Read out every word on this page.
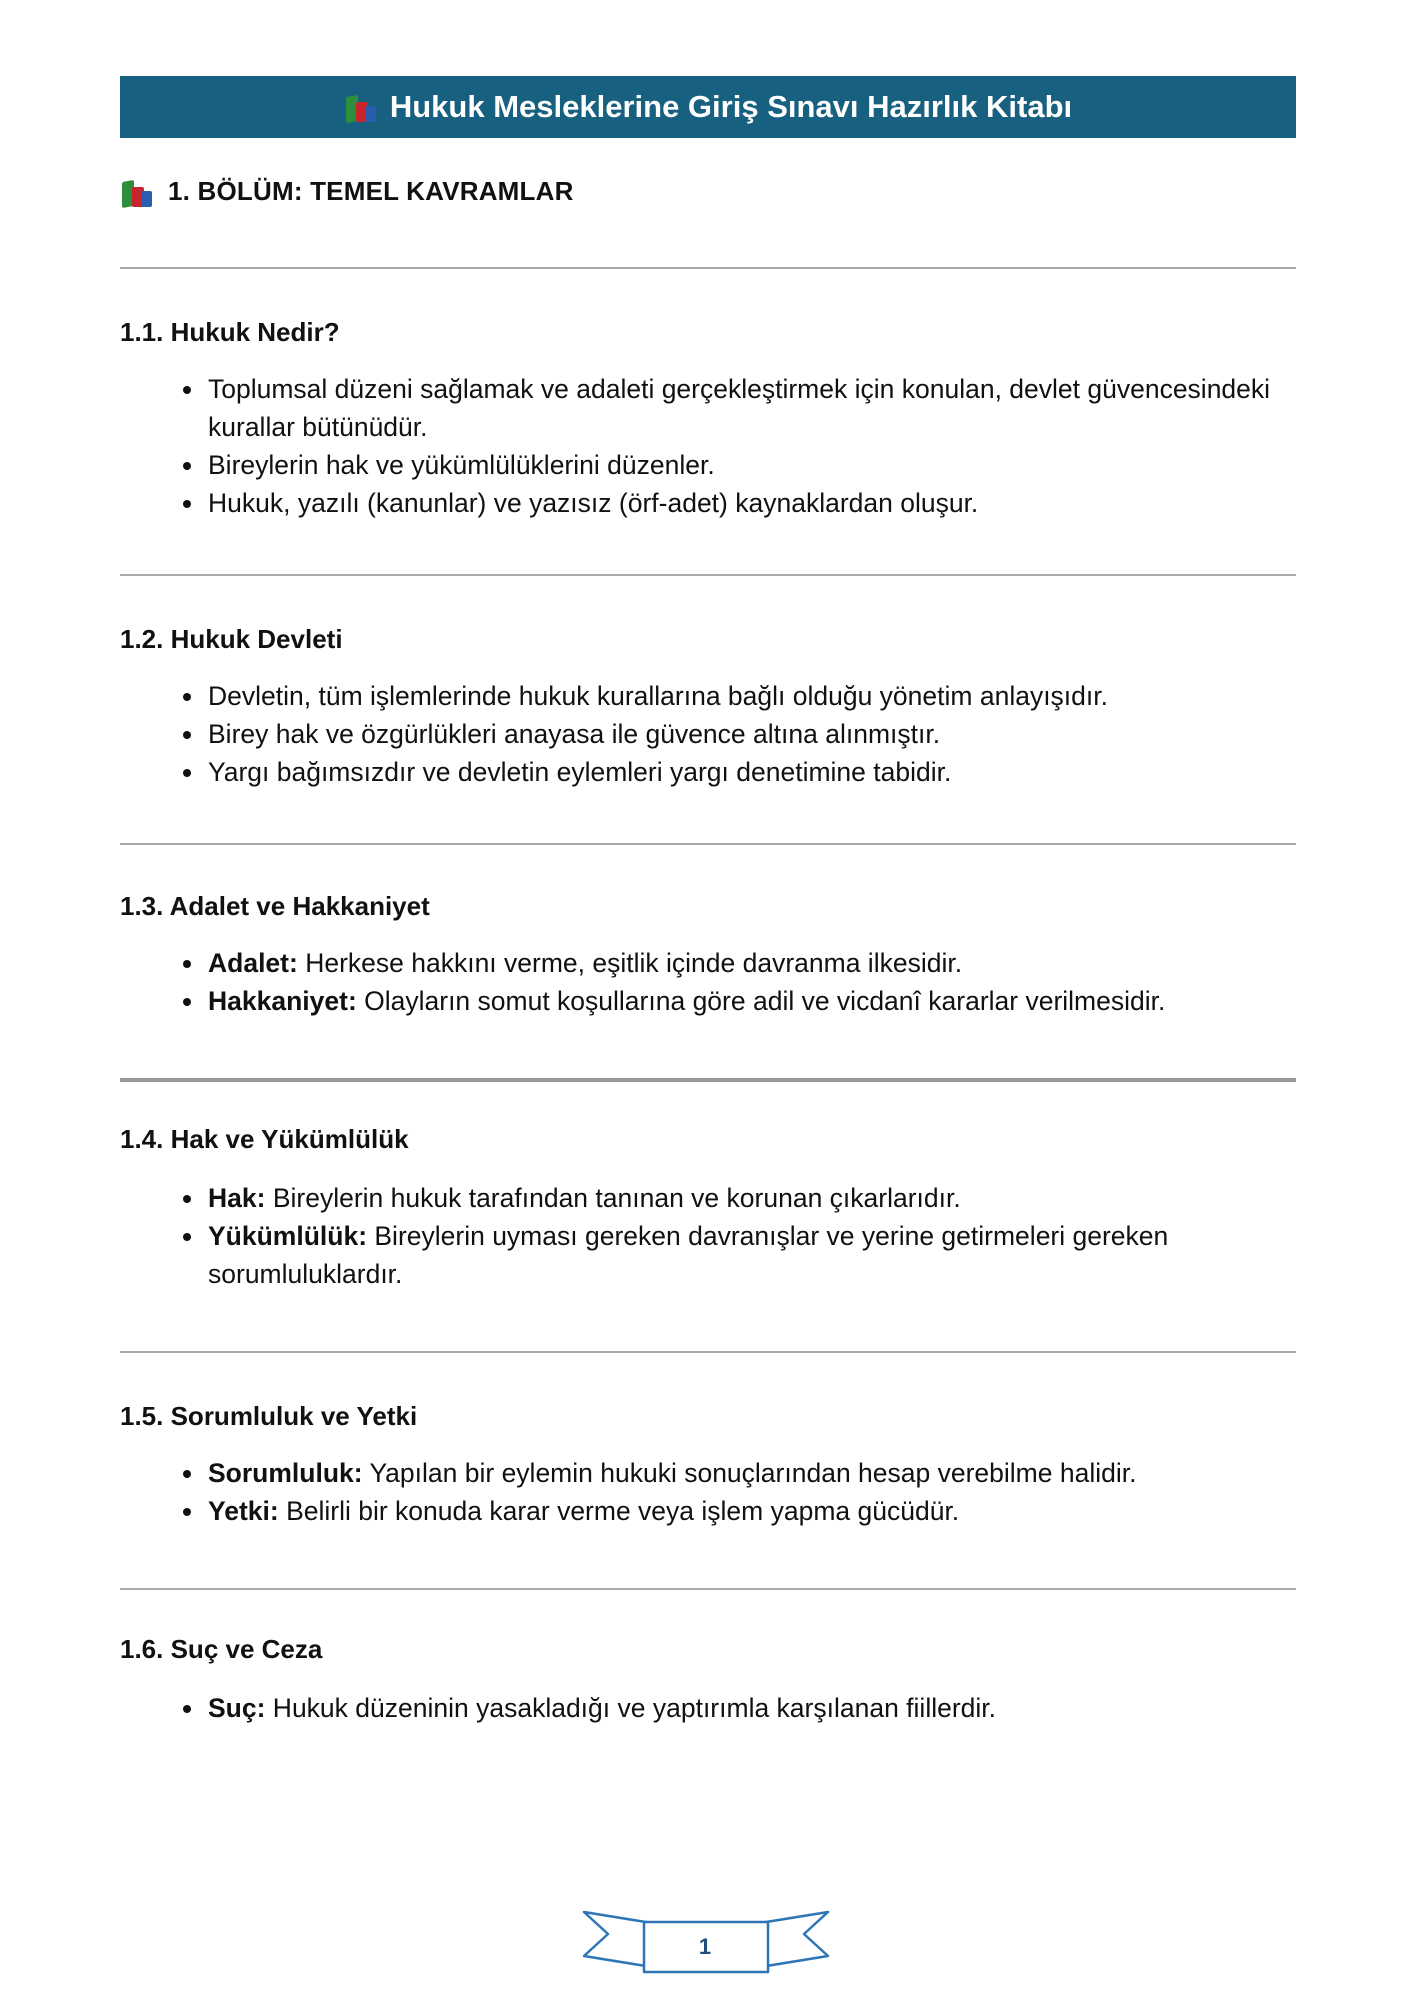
Hukuk Mesleklerine Giriş Sınavı Hazırlık Kitabı
1. BÖLÜM: TEMEL KAVRAMLAR
1.1. Hukuk Nedir?
• Toplumsal düzeni sağlamak ve adaleti gerçekleştirmek için konulan, devlet güvencesindeki kurallar bütünüdür.
• Bireylerin hak ve yükümlülüklerini düzenler.
• Hukuk, yazılı (kanunlar) ve yazısız (örf-adet) kaynaklardan oluşur.
1.2. Hukuk Devleti
• Devletin, tüm işlemlerinde hukuk kurallarına bağlı olduğu yönetim anlayışıdır.
• Birey hak ve özgürlükleri anayasa ile güvence altına alınmıştır.
• Yargı bağımsızdır ve devletin eylemleri yargı denetimine tabidir.
1.3. Adalet ve Hakkaniyet
• Adalet: Herkese hakkını verme, eşitlik içinde davranma ilkesidir.
• Hakkaniyet: Olayların somut koşullarına göre adil ve vicdanî kararlar verilmesidir.
1.4. Hak ve Yükümlülük
• Hak: Bireylerin hukuk tarafından tanınan ve korunan çıkarlarıdır.
• Yükümlülük: Bireylerin uyması gereken davranışlar ve yerine getirmeleri gereken sorumluluklardır.
1.5. Sorumluluk ve Yetki
• Sorumluluk: Yapılan bir eylemin hukuki sonuçlarından hesap verebilme halidir.
• Yetki: Belirli bir konuda karar verme veya işlem yapma gücüdür.
1.6. Suç ve Ceza
• Suç: Hukuk düzeninin yasakladığı ve yaptırımla karşılanan fiillerdir.
1
